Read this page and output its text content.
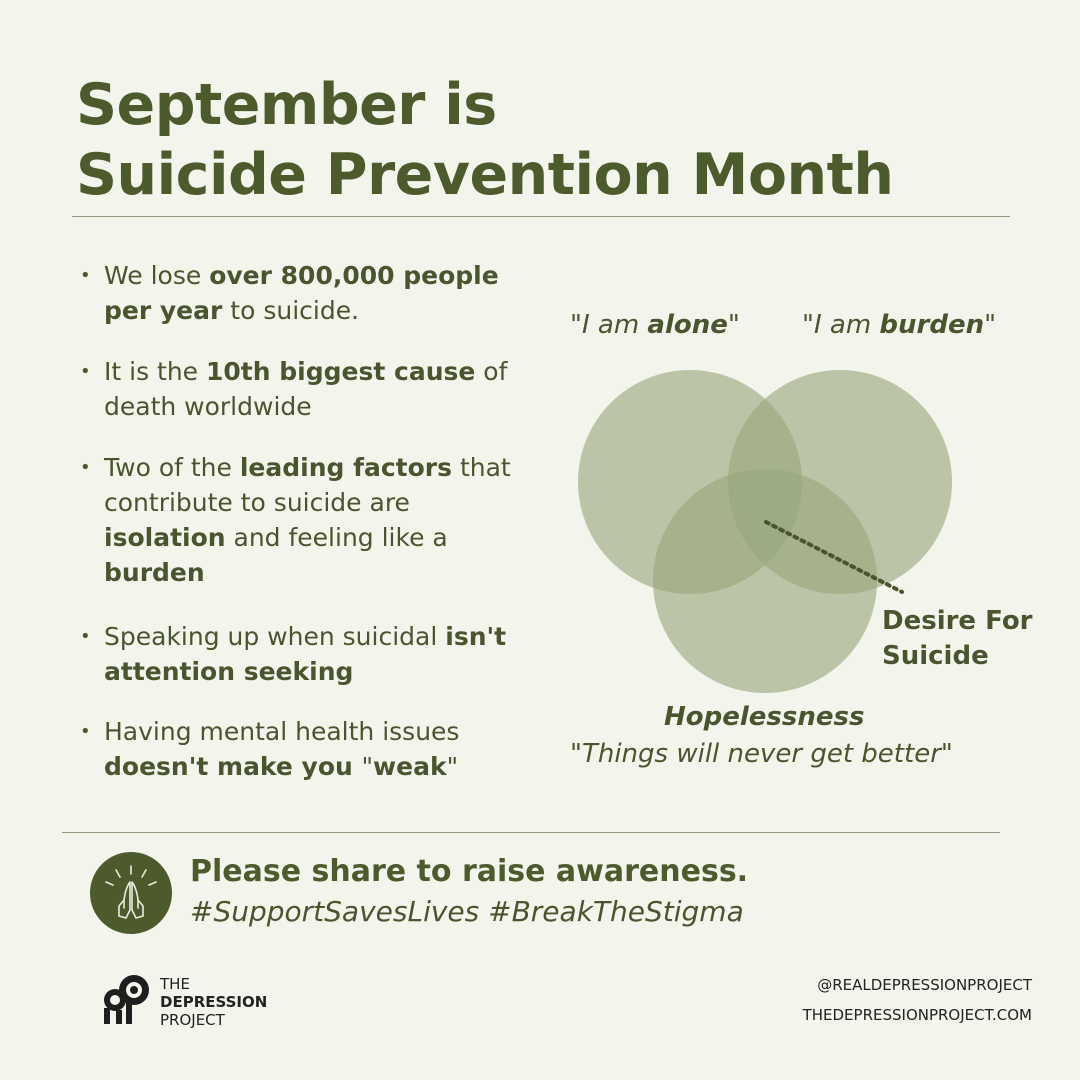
September is
Suicide Prevention Month
• We lose over 800,000 people per year to suicide.
• It is the 10th biggest cause of death worldwide
• Two of the leading factors that contribute to suicide are isolation and feeling like a burden
• Speaking up when suicidal isn't attention seeking
• Having mental health issues doesn't make you "weak"
"I am alone" "I am burden"
Hopelessness
"Things will never get better"
Desire For Suicide
Please share to raise awareness.
#SupportSavesLives #BreakTheStigma
THE
DEPRESSION
PROJECT
@REALDEPRESSIONPROJECT
THEDEPRESSIONPROJECT.COM
